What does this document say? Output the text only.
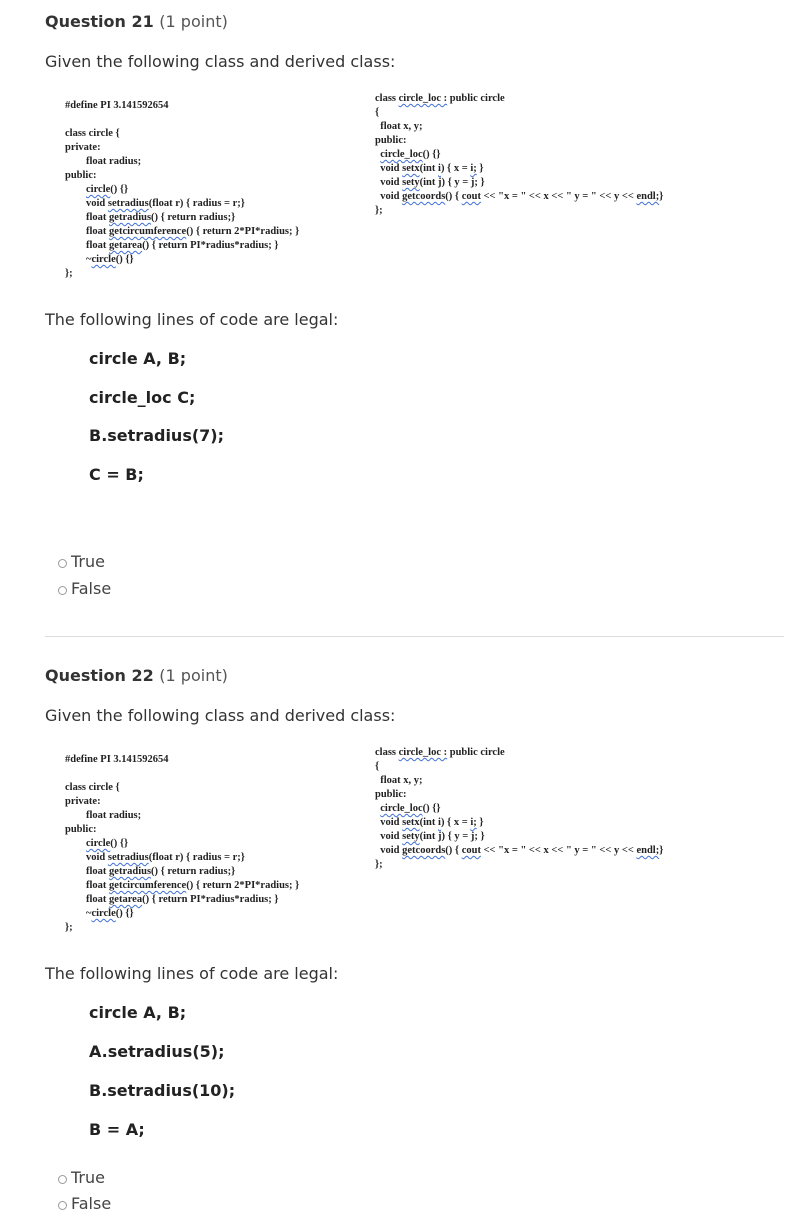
Question 21 (1 point)
Given the following class and derived class:
#define PI 3.141592654

class circle {
private:
float radius;
public:
circle() {}
void setradius(float r) { radius = r;}
float getradius() { return radius;}
float getcircumference() { return 2*PI*radius; }
float getarea() { return PI*radius*radius; }
~circle() {}
};
class circle_loc : public circle
{
float x, y;
public:
circle_loc() {}
void setx(int i) { x = i; }
void sety(int j) { y = j; }
void getcoords() { cout << "x = " << x << " y = " << y << endl;}
};
The following lines of code are legal:
circle A, B;
circle_loc C;
B.setradius(7);
C = B;
True
False
Question 22 (1 point)
Given the following class and derived class:
#define PI 3.141592654

class circle {
private:
float radius;
public:
circle() {}
void setradius(float r) { radius = r;}
float getradius() { return radius;}
float getcircumference() { return 2*PI*radius; }
float getarea() { return PI*radius*radius; }
~circle() {}
};
class circle_loc : public circle
{
float x, y;
public:
circle_loc() {}
void setx(int i) { x = i; }
void sety(int j) { y = j; }
void getcoords() { cout << "x = " << x << " y = " << y << endl;}
};
The following lines of code are legal:
circle A, B;
A.setradius(5);
B.setradius(10);
B = A;
True
False
